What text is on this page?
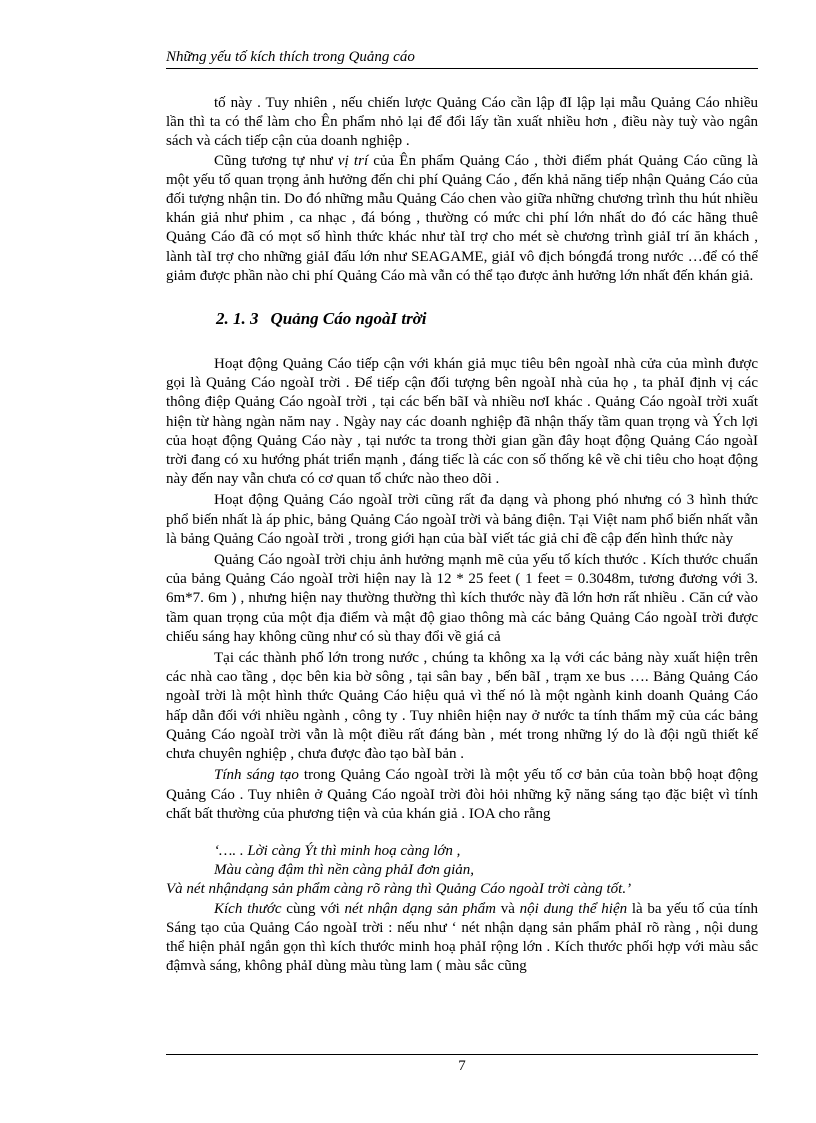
Những yếu tố kích thích trong Quảng cáo

tố này . Tuy nhiên , nếu chiến lược Quảng Cáo cần lập đI lập lại mẫu Quảng Cáo nhiều lần thì ta có thể làm cho Ên phẩm nhỏ lại để đổi lấy tần xuất nhiều hơn , điều này tuỳ vào ngân sách và cách tiếp cận của doanh nghiệp .

Cũng tương tự như vị trí của Ên phẩm Quảng Cáo , thời điểm phát Quảng Cáo cũng là một yếu tố quan trọng ảnh hưởng đến chi phí Quảng Cáo , đến khả năng tiếp nhận Quảng Cáo của đối tượng nhận tin. Do đó những mẫu Quảng Cáo chen vào giữa những chương trình thu hút nhiều khán giả như phim , ca nhạc , đá bóng , thường có mức chi phí lớn nhất do đó các hãng thuê Quảng Cáo đã có mọt số hình thức khác như tàI trợ cho mét sè chương trình giảI trí ăn khách , lành tàI trợ cho những giảI đấu lớn như SEAGAME, giảI vô địch bóngđá trong nước …để có thể giảm được phần nào chi phí Quảng Cáo mà vẫn có thể tạo được ảnh hưởng lớn nhất đến khán giả.

2. 1. 3 Quảng Cáo ngoàI trời

Hoạt động Quảng Cáo tiếp cận với khán giả mục tiêu bên ngoàI nhà cửa của mình được gọi là Quảng Cáo ngoàI trời . Để tiếp cận đối tượng bên ngoàI nhà của họ , ta phảI định vị các thông điệp Quảng Cáo ngoàI trời , tại các bến bãI và nhiều nơI khác . Quảng Cáo ngoàI trời xuất hiện từ hàng ngàn năm nay . Ngày nay các doanh nghiệp đã nhận thấy tầm quan trọng và Ých lợi của hoạt động Quảng Cáo này , tại nước ta trong thời gian gần đây hoạt động Quảng Cáo ngoàI trời đang có xu hướng phát triển mạnh , đáng tiếc là các con số thống kê về chi tiêu cho hoạt động này đến nay vẫn chưa có cơ quan tổ chức nào theo dõi .

Hoạt động Quảng Cáo ngoàI trời cũng rất đa dạng và phong phó nhưng có 3 hình thức phổ biến nhất là áp phic, bảng Quảng Cáo ngoàI trời và bảng điện. Tại Việt nam phổ biến nhất vẫn là bảng Quảng Cáo ngoàI trời , trong giới hạn của bàI viết tác giả chỉ đề cập đến hình thức này

Quảng Cáo ngoàI trời chịu ảnh hưởng mạnh mẽ của yếu tố kích thước . Kích thước chuẩn của bảng Quảng Cáo ngoàI trời hiện nay là 12 * 25 feet ( 1 feet = 0.3048m, tương đương với 3. 6m*7. 6m ) , nhưng hiện nay thường thường thì kích thước này đã lớn hơn rất nhiều . Căn cứ vào tầm quan trọng của một địa điểm và mật độ giao thông mà các bảng Quảng Cáo ngoàI trời được chiếu sáng hay không cũng như có sù thay đổi về giá cả

Tại các thành phố lớn trong nước , chúng ta không xa lạ với các bảng này xuất hiện trên các nhà cao tầng , dọc bên kia bờ sông , tại sân bay , bến bãI , trạm xe bus …. Bảng Quảng Cáo ngoàI trời là một hình thức Quảng Cáo hiệu quả vì thế nó là một ngành kinh doanh Quảng Cáo hấp dẫn đối với nhiều ngành , công ty . Tuy nhiên hiện nay ở nước ta tính thẩm mỹ của các bảng Quảng Cáo ngoàI trời vẫn là một điều rất đáng bàn , mét trong những lý do là đội ngũ thiết kế chưa chuyên nghiệp , chưa được đào tạo bàI bản .

Tính sáng tạo trong Quảng Cáo ngoàI trời là một yếu tố cơ bản của toàn bbộ hoạt động Quảng Cáo . Tuy nhiên ở Quảng Cáo ngoàI trời đòi hỏi những kỹ năng sáng tạo đặc biệt vì tính chất bất thường của phương tiện và của khán giả . IOA cho rằng

‘…. . Lời càng Ýt thì minh hoạ càng lớn ,
Màu càng đậm thì nền càng phảI đơn giản,
Và nét nhậndạng sản phẩm càng rõ ràng thì Quảng Cáo ngoàI trời càng tốt.’

Kích thước cùng với nét nhận dạng sản phẩm và nội dung thể hiện là ba yếu tố của tính Sáng tạo của Quảng Cáo ngoàI trời : nếu như ‘ nét nhận dạng sản phẩm phảI rõ ràng , nội dung thể hiện phảI ngắn gọn thì kích thước minh hoạ phảI rộng lớn . Kích thước phối hợp với màu sắc đậmvà sáng, không phảI dùng màu tùng lam ( màu sắc cũng

7
